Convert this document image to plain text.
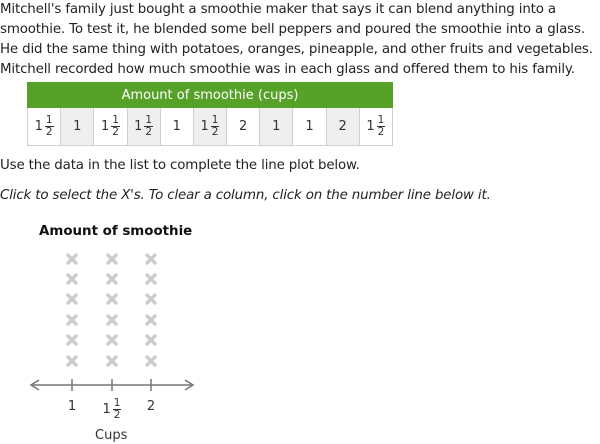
Mitchell's family just bought a smoothie maker that says it can blend anything into a smoothie. To test it, he blended some bell peppers and poured the smoothie into a glass. He did the same thing with potatoes, oranges, pineapple, and other fruits and vegetables. Mitchell recorded how much smoothie was in each glass and offered them to his family.

Amount of smoothie (cups)

$1 \frac{1}{2}$	1	$1 \frac{1}{2}$	$1 \frac{1}{2}$	1	$1 \frac{1}{2}$	2	1	1	2	$1 \frac{1}{2}$

Use the data in the list to complete the line plot below.

Click to select the X's. To clear a column, click on the number line below it.

Amount of smoothie

1 $1 \frac{1}{2} 2$
Cups
